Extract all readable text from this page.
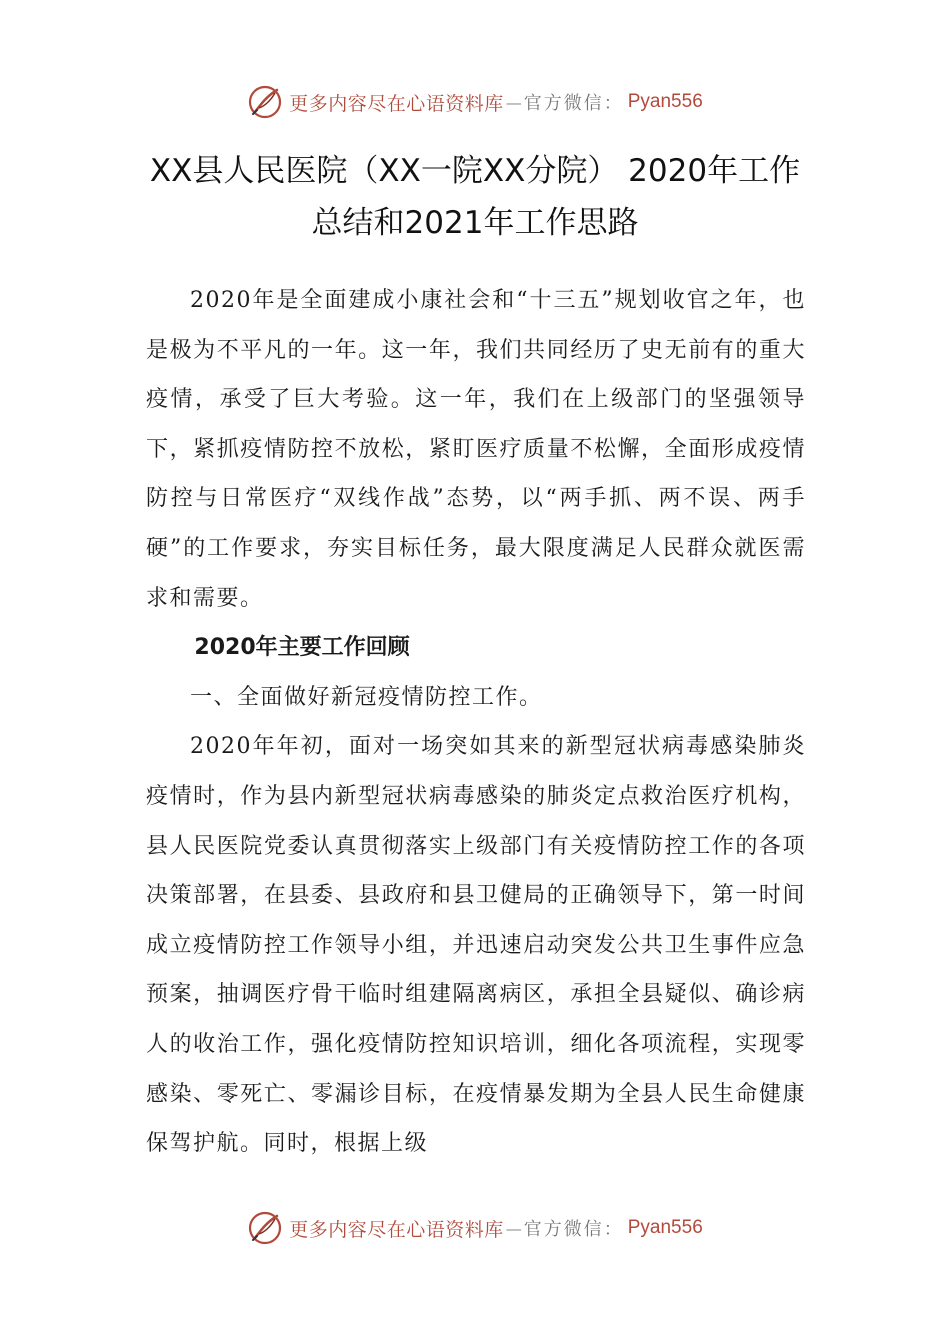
更多内容尽在心语资料库 — 官方微信： Pyan556
XX县人民医院（XX一院XX分院） 2020年工作
总结和2021年工作思路

2020年是全面建成小康社会和“十三五”规划收官之年，也是极为不平凡的一年。这一年，我们共同经历了史无前有的重大疫情，承受了巨大考验。这一年，我们在上级部门的坚强领导下，紧抓疫情防控不放松，紧盯医疗质量不松懈，全面形成疫情防控与日常医疗“双线作战”态势，以“两手抓、两不误、两手硬”的工作要求，夯实目标任务，最大限度满足人民群众就医需求和需要。

2020年主要工作回顾

一、全面做好新冠疫情防控工作。

2020年年初，面对一场突如其来的新型冠状病毒感染肺炎疫情时，作为县内新型冠状病毒感染的肺炎定点救治医疗机构，县人民医院党委认真贯彻落实上级部门有关疫情防控工作的各项决策部署，在县委、县政府和县卫健局的正确领导下，第一时间成立疫情防控工作领导小组，并迅速启动突发公共卫生事件应急预案，抽调医疗骨干临时组建隔离病区，承担全县疑似、确诊病人的收治工作，强化疫情防控知识培训，细化各项流程，实现零感染、零死亡、零漏诊目标，在疫情暴发期为全县人民生命健康保驾护航。同时，根据上级

更多内容尽在心语资料库 — 官方微信： Pyan556
